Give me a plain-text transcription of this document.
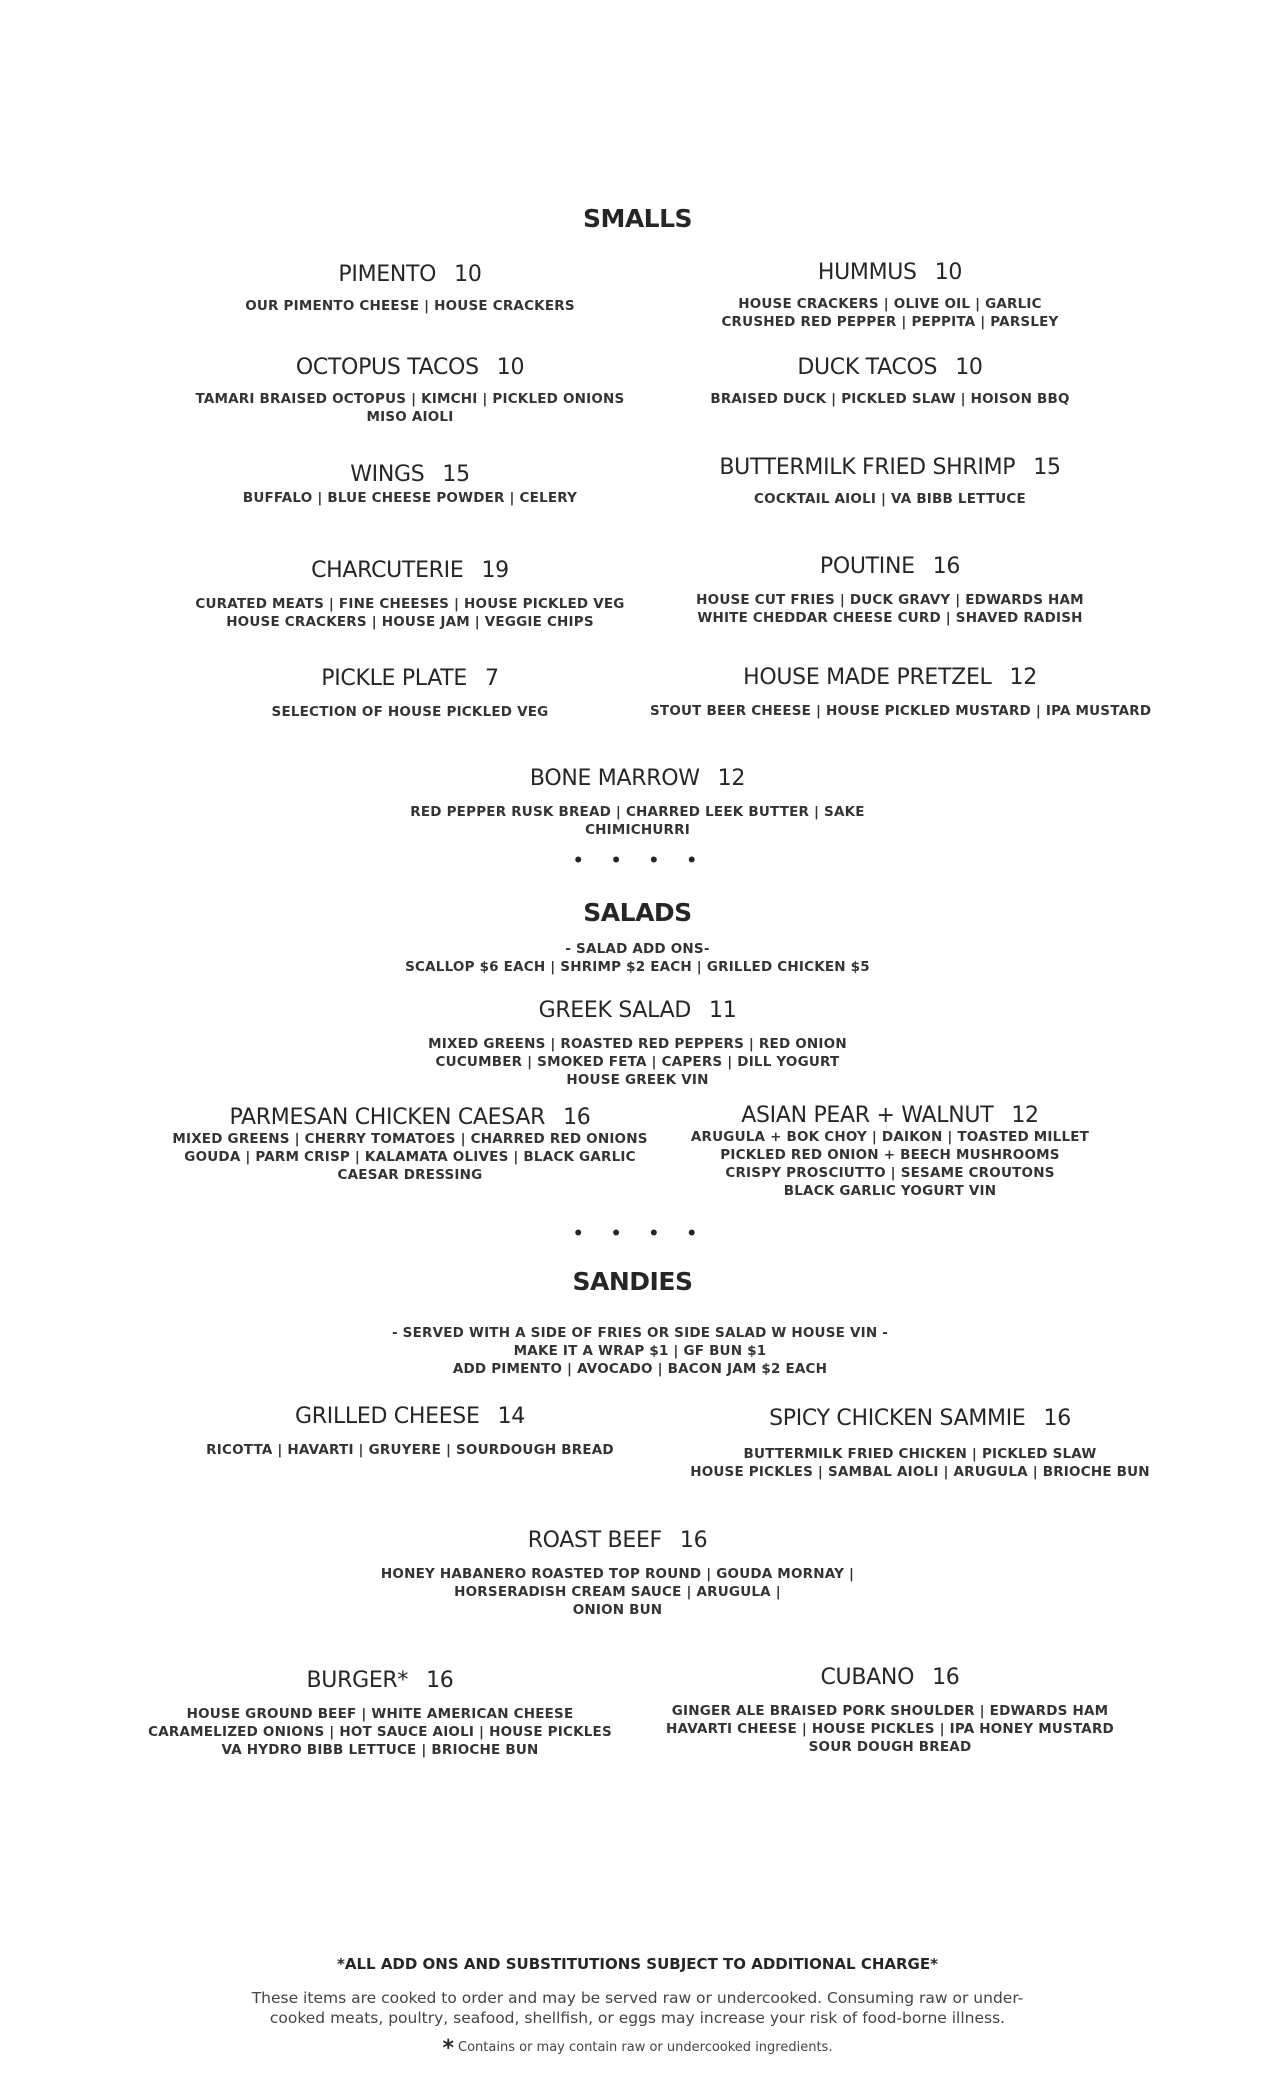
SMALLS
PIMENTO 10
OUR PIMENTO CHEESE | HOUSE CRACKERS
HUMMUS 10
HOUSE CRACKERS | OLIVE OIL | GARLIC
CRUSHED RED PEPPER | PEPPITA | PARSLEY
OCTOPUS TACOS 10
TAMARI BRAISED OCTOPUS | KIMCHI | PICKLED ONIONS
MISO AIOLI
DUCK TACOS 10
BRAISED DUCK | PICKLED SLAW | HOISON BBQ
WINGS 15
BUFFALO | BLUE CHEESE POWDER | CELERY
BUTTERMILK FRIED SHRIMP 15
COCKTAIL AIOLI | VA BIBB LETTUCE
CHARCUTERIE 19
CURATED MEATS | FINE CHEESES | HOUSE PICKLED VEG
HOUSE CRACKERS | HOUSE JAM | VEGGIE CHIPS
POUTINE 16
HOUSE CUT FRIES | DUCK GRAVY | EDWARDS HAM
WHITE CHEDDAR CHEESE CURD | SHAVED RADISH
PICKLE PLATE 7
SELECTION OF HOUSE PICKLED VEG
HOUSE MADE PRETZEL 12
STOUT BEER CHEESE | HOUSE PICKLED MUSTARD | IPA MUSTARD
BONE MARROW 12
RED PEPPER RUSK BREAD | CHARRED LEEK BUTTER | SAKE
CHIMICHURRI
• • • •
SALADS
- SALAD ADD ONS-
SCALLOP $6 EACH | SHRIMP $2 EACH | GRILLED CHICKEN $5
GREEK SALAD 11
MIXED GREENS | ROASTED RED PEPPERS | RED ONION
CUCUMBER | SMOKED FETA | CAPERS | DILL YOGURT
HOUSE GREEK VIN
PARMESAN CHICKEN CAESAR 16
MIXED GREENS | CHERRY TOMATOES | CHARRED RED ONIONS
GOUDA | PARM CRISP | KALAMATA OLIVES | BLACK GARLIC
CAESAR DRESSING
ASIAN PEAR + WALNUT 12
ARUGULA + BOK CHOY | DAIKON | TOASTED MILLET
PICKLED RED ONION + BEECH MUSHROOMS
CRISPY PROSCIUTTO | SESAME CROUTONS
BLACK GARLIC YOGURT VIN
• • • •
SANDIES
- SERVED WITH A SIDE OF FRIES OR SIDE SALAD W HOUSE VIN -
MAKE IT A WRAP $1 | GF BUN $1
ADD PIMENTO | AVOCADO | BACON JAM $2 EACH
GRILLED CHEESE 14
RICOTTA | HAVARTI | GRUYERE | SOURDOUGH BREAD
SPICY CHICKEN SAMMIE 16
BUTTERMILK FRIED CHICKEN | PICKLED SLAW
HOUSE PICKLES | SAMBAL AIOLI | ARUGULA | BRIOCHE BUN
ROAST BEEF 16
HONEY HABANERO ROASTED TOP ROUND | GOUDA MORNAY |
HORSERADISH CREAM SAUCE | ARUGULA |
ONION BUN
BURGER* 16
HOUSE GROUND BEEF | WHITE AMERICAN CHEESE
CARAMELIZED ONIONS | HOT SAUCE AIOLI | HOUSE PICKLES
VA HYDRO BIBB LETTUCE | BRIOCHE BUN
CUBANO 16
GINGER ALE BRAISED PORK SHOULDER | EDWARDS HAM
HAVARTI CHEESE | HOUSE PICKLES | IPA HONEY MUSTARD
SOUR DOUGH BREAD
*ALL ADD ONS AND SUBSTITUTIONS SUBJECT TO ADDITIONAL CHARGE*
These items are cooked to order and may be served raw or undercooked. Consuming raw or under-
cooked meats, poultry, seafood, shellfish, or eggs may increase your risk of food-borne illness.
* Contains or may contain raw or undercooked ingredients.
